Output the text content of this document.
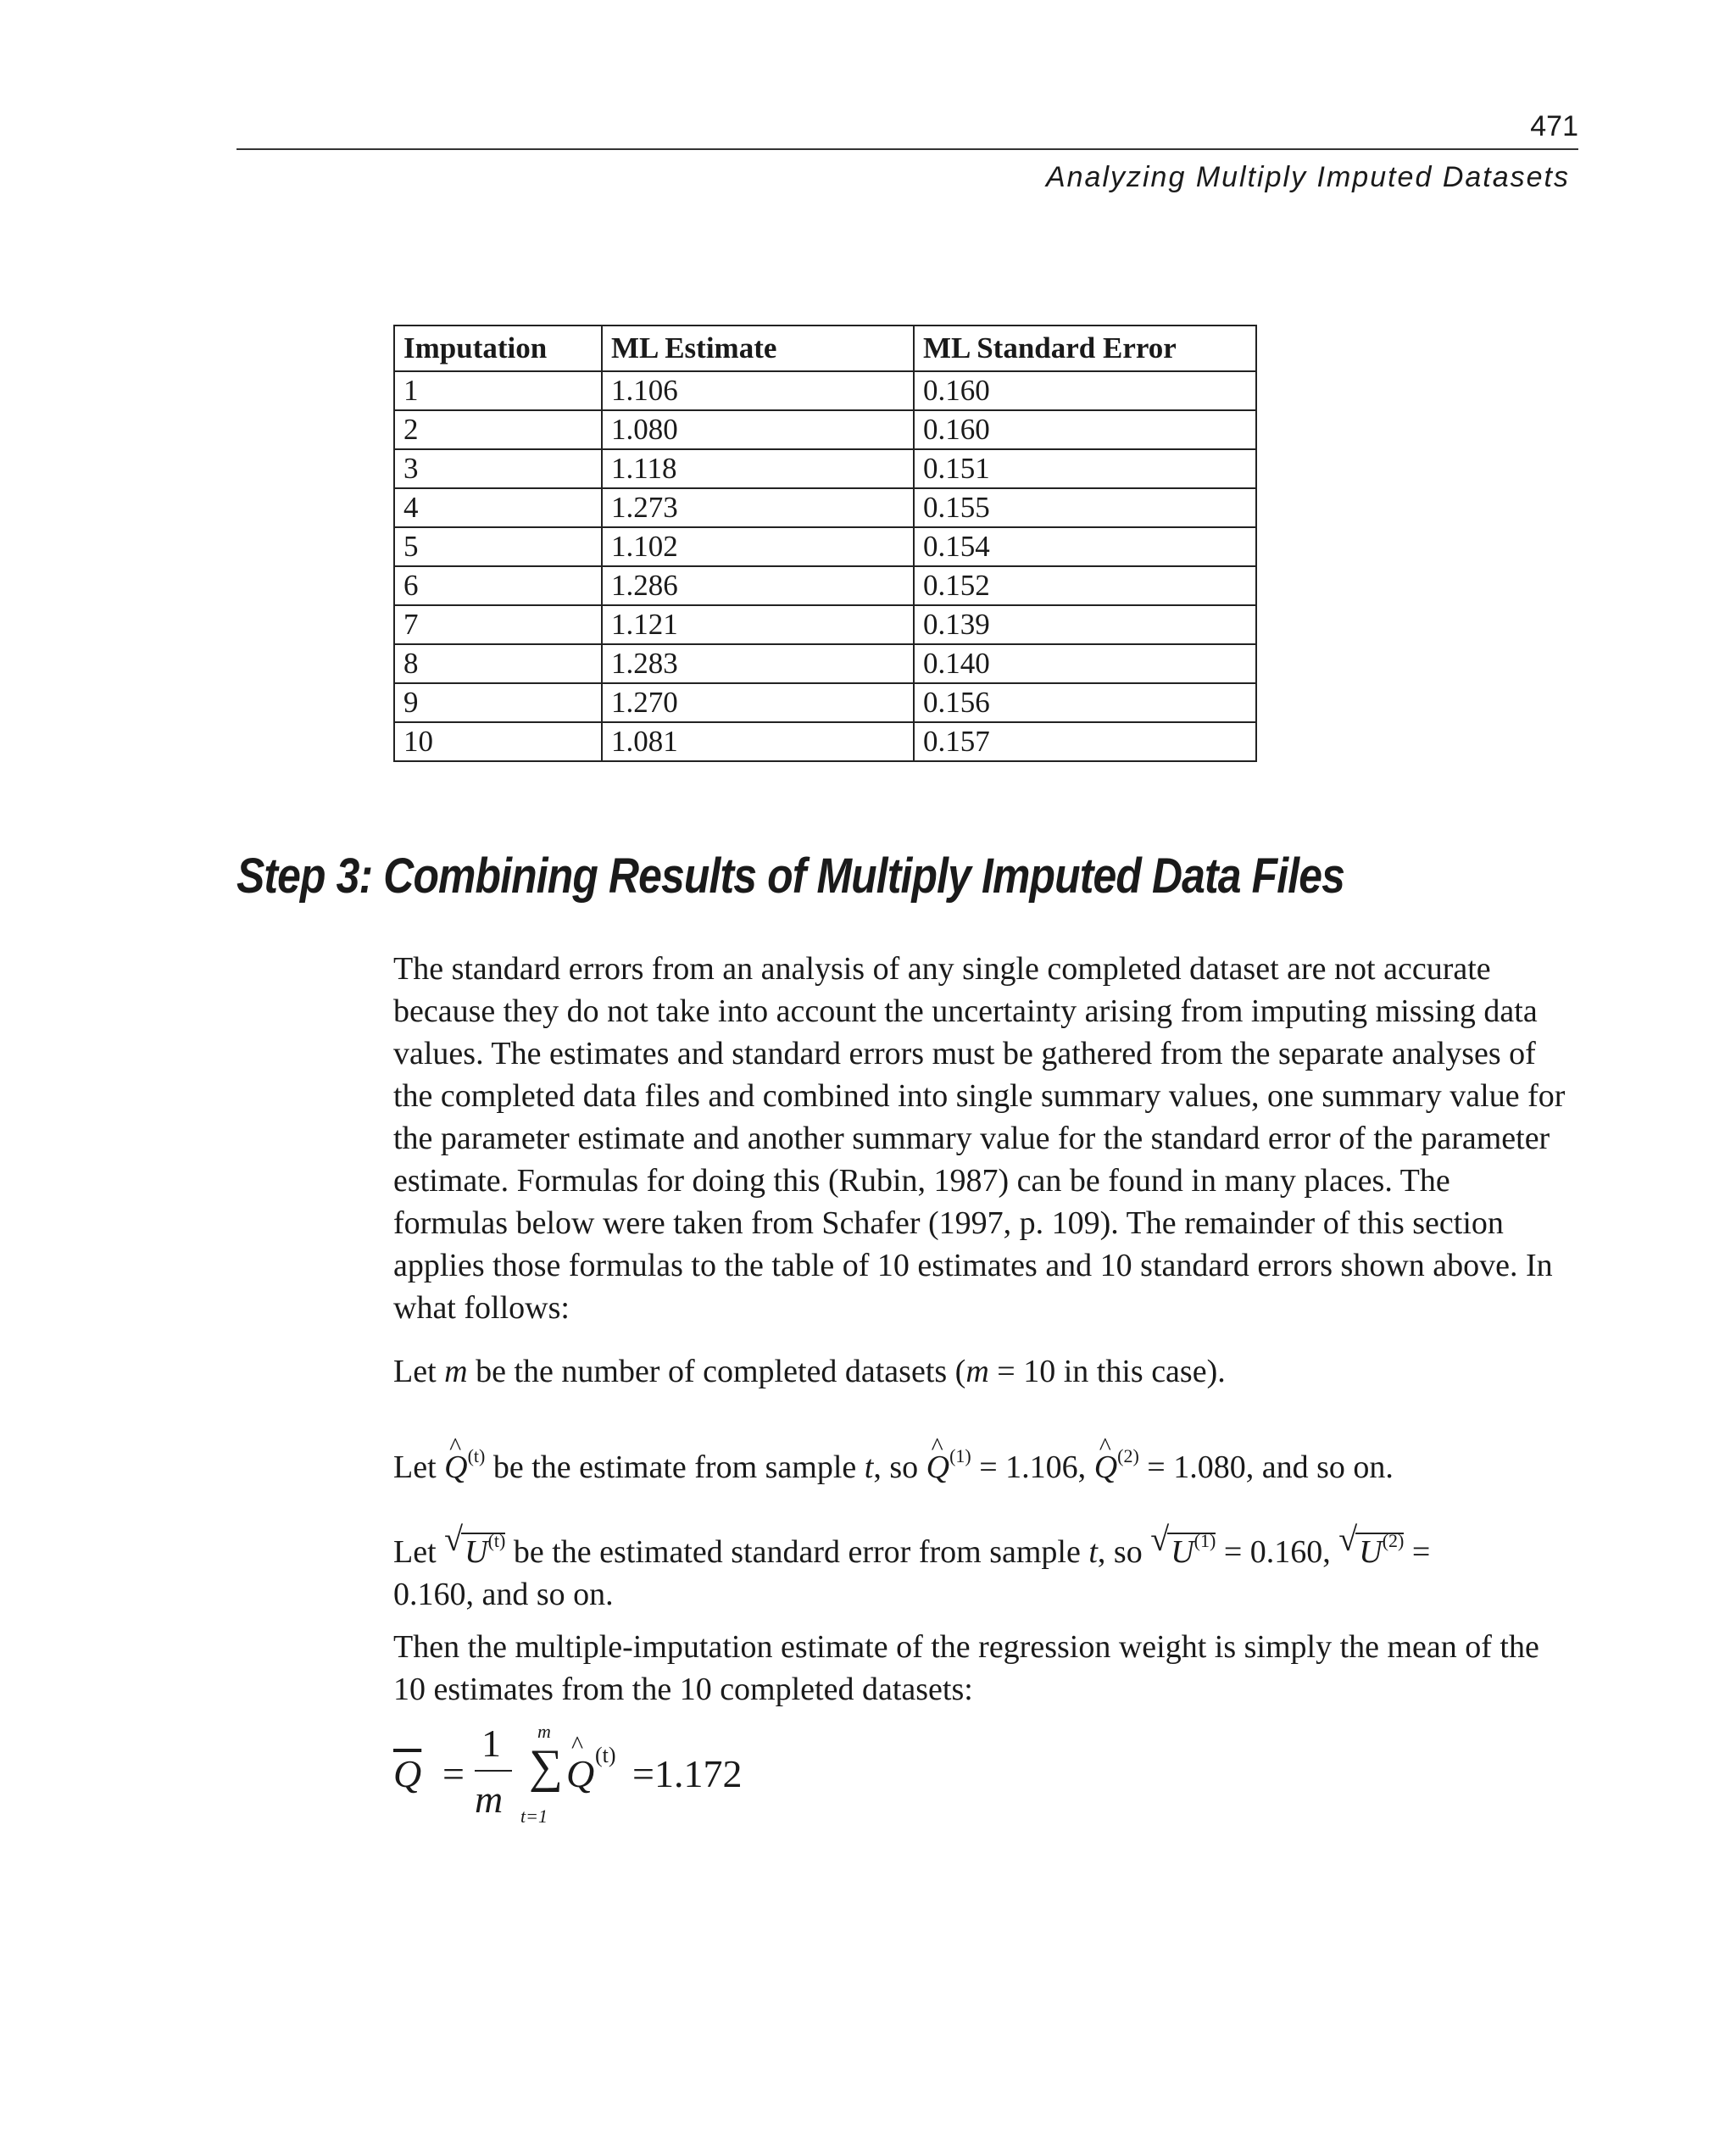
471
Analyzing Multiply Imputed Datasets
Imputation	ML Estimate	ML Standard Error
1	1.106	0.160
2	1.080	0.160
3	1.118	0.151
4	1.273	0.155
5	1.102	0.154
6	1.286	0.152
7	1.121	0.139
8	1.283	0.140
9	1.270	0.156
10	1.081	0.157
Step 3: Combining Results of Multiply Imputed Data Files

The standard errors from an analysis of any single completed dataset are not accurate because they do not take into account the uncertainty arising from imputing missing data values. The estimates and standard errors must be gathered from the separate analyses of the completed data files and combined into single summary values, one summary value for the parameter estimate and another summary value for the standard error of the parameter estimate. Formulas for doing this (Rubin, 1987) can be found in many places. The formulas below were taken from Schafer (1997, p. 109). The remainder of this section applies those formulas to the table of 10 estimates and 10 standard errors shown above. In what follows:

Let m be the number of completed datasets (m = 10 in this case).

Let ^ $Q^{(t)}$ be the estimate from sample t, so ^ $Q^{(1)} = 1.106$, ^ $Q^{(2)} = 1.080$, and so on.

Let √ $U^{(t)}$ be the estimated standard error from sample t, so √ $U^{(1)} = 0.160$, √ $U^{(2)}$ =
0.160, and so on.

Then the multiple-imputation estimate of the regression weight is simply the mean of the 10 estimates from the 10 completed datasets:

$\overline{Q}$ =
1
m
∑
m
t=1
^ Q (t) =1.172
